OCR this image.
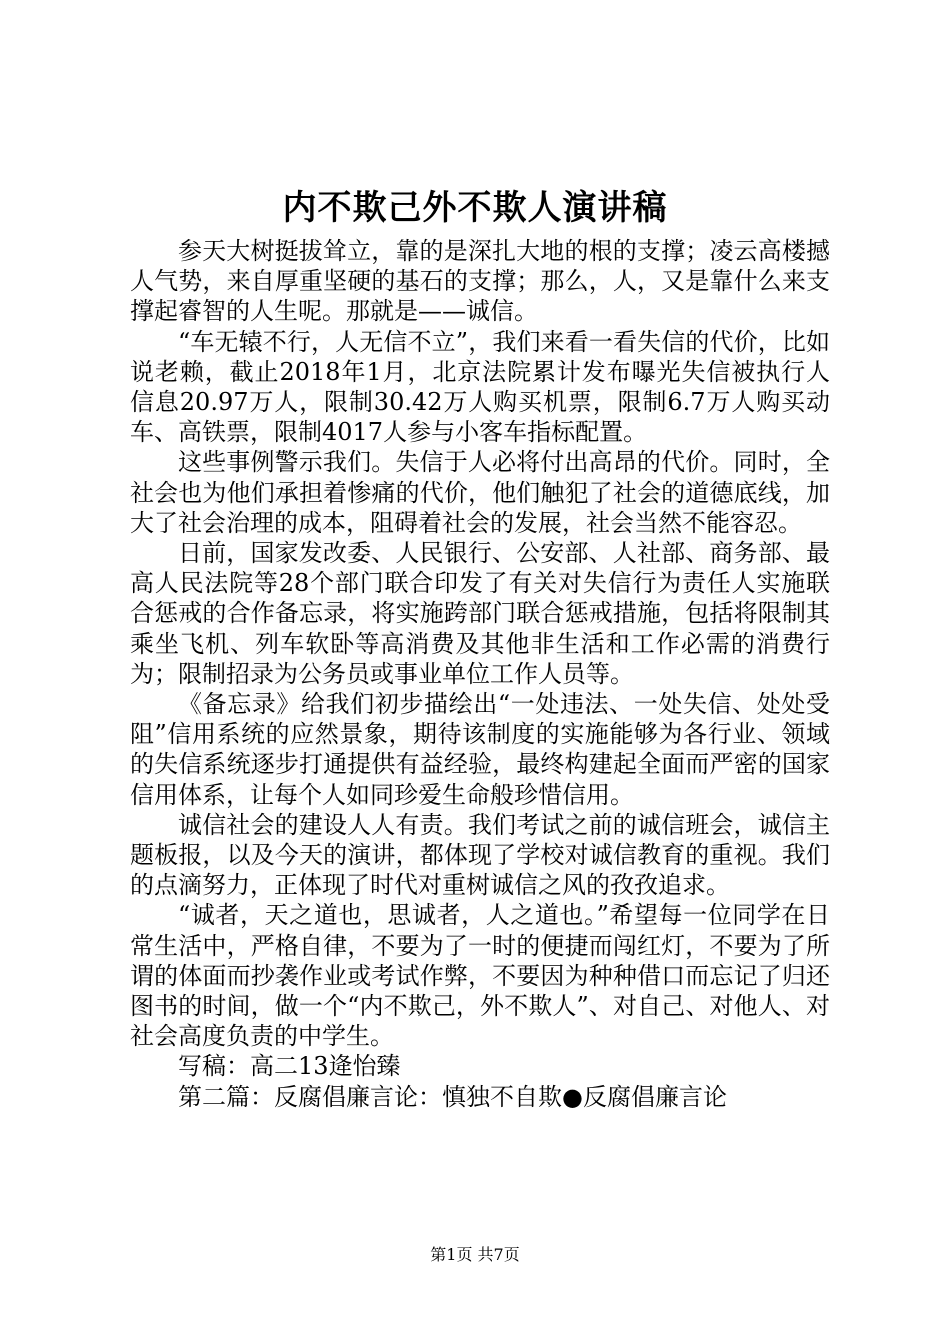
内不欺己外不欺人演讲稿

参天大树挺拔耸立，靠的是深扎大地的根的支撑；凌云高楼撼人气势，来自厚重坚硬的基石的支撑；那么，人，又是靠什么来支撑起睿智的人生呢。那就是——诚信。

“车无辕不行，人无信不立”，我们来看一看失信的代价，比如说老赖，截止2018年1月，北京法院累计发布曝光失信被执行人信息20.97万人，限制30.42万人购买机票，限制6.7万人购买动车、高铁票，限制4017人参与小客车指标配置。

这些事例警示我们。失信于人必将付出高昂的代价。同时，全社会也为他们承担着惨痛的代价，他们触犯了社会的道德底线，加大了社会治理的成本，阻碍着社会的发展，社会当然不能容忍。

日前，国家发改委、人民银行、公安部、人社部、商务部、最高人民法院等28个部门联合印发了有关对失信行为责任人实施联合惩戒的合作备忘录，将实施跨部门联合惩戒措施，包括将限制其乘坐飞机、列车软卧等高消费及其他非生活和工作必需的消费行为；限制招录为公务员或事业单位工作人员等。

《备忘录》给我们初步描绘出“一处违法、一处失信、处处受阻”信用系统的应然景象，期待该制度的实施能够为各行业、领域的失信系统逐步打通提供有益经验，最终构建起全面而严密的国家信用体系，让每个人如同珍爱生命般珍惜信用。

诚信社会的建设人人有责。我们考试之前的诚信班会，诚信主题板报，以及今天的演讲，都体现了学校对诚信教育的重视。我们的点滴努力，正体现了时代对重树诚信之风的孜孜追求。

“诚者，天之道也，思诚者，人之道也。”希望每一位同学在日常生活中，严格自律，不要为了一时的便捷而闯红灯，不要为了所谓的体面而抄袭作业或考试作弊，不要因为种种借口而忘记了归还图书的时间，做一个“内不欺己，外不欺人”、对自己、对他人、对社会高度负责的中学生。

写稿：高二13逄怡臻

第二篇：反腐倡廉言论：慎独不自欺●反腐倡廉言论

第1页 共7页
